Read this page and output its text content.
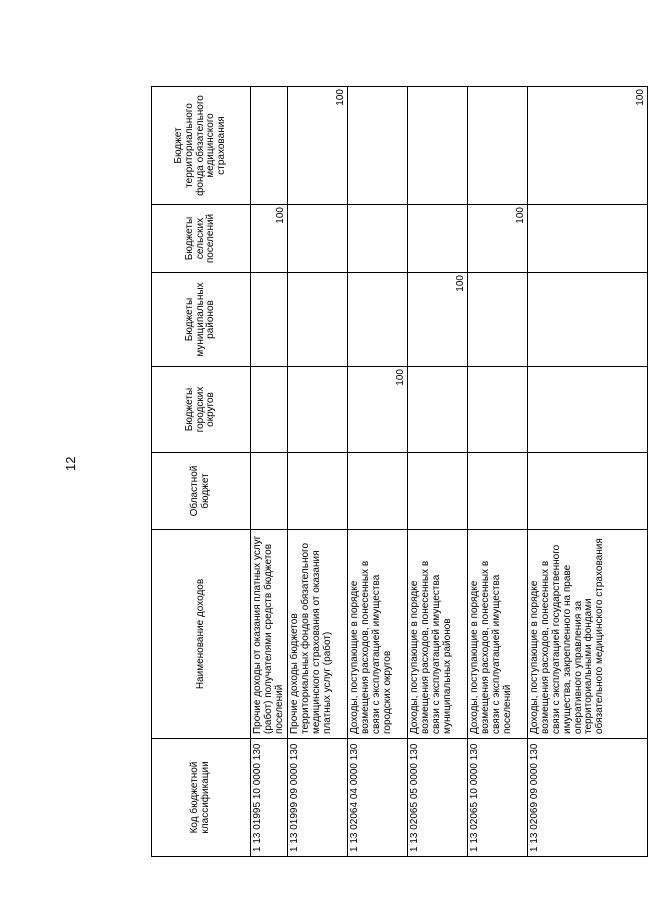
12
Код бюджетной классификации	Наименование доходов	Областной бюджет	Бюджеты городских округов	Бюджеты муниципальных районов	Бюджеты сельских поселений	Бюджет территориального фонда обязательного медицинского страхования
1 13 01995 10 0000 130	Прочие доходы от оказания платных услуг (работ) получателями средств бюджетов поселений				100	
1 13 01999 09 0000 130	Прочие доходы бюджетов территориальных фондов обязательного медицинского страхования от оказания платных услуг (работ)					100
1 13 02064 04 0000 130	Доходы, поступающие в порядке возмещения расходов, понесенных в связи с эксплуатацией имущества городских округов		100			
1 13 02065 05 0000 130	Доходы, поступающие в порядке возмещения расходов, понесенных в связи с эксплуатацией имущества муниципальных районов			100		
1 13 02065 10 0000 130	Доходы, поступающие в порядке возмещения расходов, понесенных в связи с эксплуатацией имущества поселений				100	
1 13 02069 09 0000 130	Доходы, поступающие в порядке возмещения расходов, понесенных в связи с эксплуатацией государственного имущества, закрепленного на праве оперативного управления за территориальными фондами обязательного медицинского страхования					100
